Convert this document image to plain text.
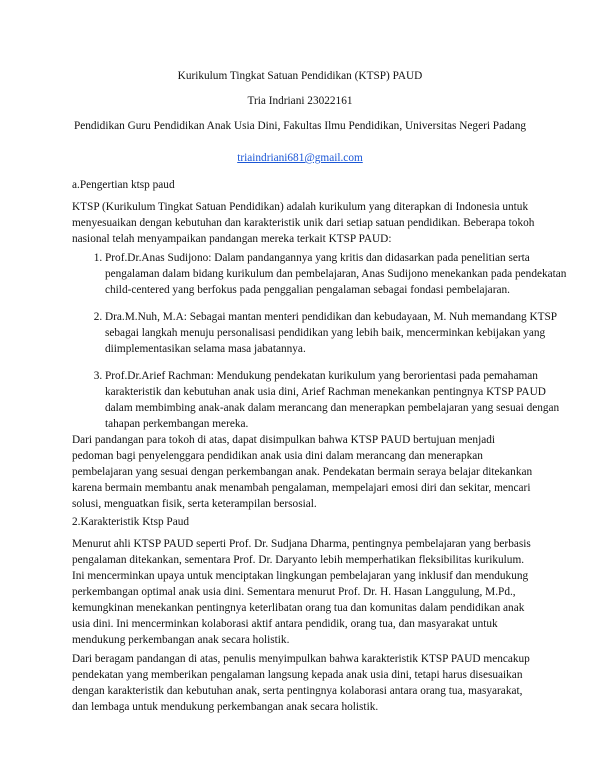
Kurikulum Tingkat Satuan Pendidikan (KTSP) PAUD
Tria Indriani 23022161
Pendidikan Guru Pendidikan Anak Usia Dini, Fakultas Ilmu Pendidikan, Universitas Negeri Padang
triaindriani681@gmail.com

a.Pengertian ktsp paud

KTSP (Kurikulum Tingkat Satuan Pendidikan) adalah kurikulum yang diterapkan di Indonesia untuk menyesuaikan dengan kebutuhan dan karakteristik unik dari setiap satuan pendidikan. Beberapa tokoh nasional telah menyampaikan pandangan mereka terkait KTSP PAUD:

1. Prof.Dr.Anas Sudijono: Dalam pandangannya yang kritis dan didasarkan pada penelitian serta pengalaman dalam bidang kurikulum dan pembelajaran, Anas Sudijono menekankan pada pendekatan child-centered yang berfokus pada penggalian pengalaman sebagai fondasi pembelajaran.
2. Dra.M.Nuh, M.A: Sebagai mantan menteri pendidikan dan kebudayaan, M. Nuh memandang KTSP sebagai langkah menuju personalisasi pendidikan yang lebih baik, mencerminkan kebijakan yang diimplementasikan selama masa jabatannya.
3. Prof.Dr.Arief Rachman: Mendukung pendekatan kurikulum yang berorientasi pada pemahaman karakteristik dan kebutuhan anak usia dini, Arief Rachman menekankan pentingnya KTSP PAUD dalam membimbing anak-anak dalam merancang dan menerapkan pembelajaran yang sesuai dengan tahapan perkembangan mereka.

Dari pandangan para tokoh di atas, dapat disimpulkan bahwa KTSP PAUD bertujuan menjadi pedoman bagi penyelenggara pendidikan anak usia dini dalam merancang dan menerapkan pembelajaran yang sesuai dengan perkembangan anak. Pendekatan bermain seraya belajar ditekankan karena bermain membantu anak menambah pengalaman, mempelajari emosi diri dan sekitar, mencari solusi, menguatkan fisik, serta keterampilan bersosial.

2.Karakteristik Ktsp Paud

Menurut ahli KTSP PAUD seperti Prof. Dr. Sudjana Dharma, pentingnya pembelajaran yang berbasis pengalaman ditekankan, sementara Prof. Dr. Daryanto lebih memperhatikan fleksibilitas kurikulum. Ini mencerminkan upaya untuk menciptakan lingkungan pembelajaran yang inklusif dan mendukung perkembangan optimal anak usia dini. Sementara menurut Prof. Dr. H. Hasan Langgulung, M.Pd., kemungkinan menekankan pentingnya keterlibatan orang tua dan komunitas dalam pendidikan anak usia dini. Ini mencerminkan kolaborasi aktif antara pendidik, orang tua, dan masyarakat untuk mendukung perkembangan anak secara holistik.

Dari beragam pandangan di atas, penulis menyimpulkan bahwa karakteristik KTSP PAUD mencakup pendekatan yang memberikan pengalaman langsung kepada anak usia dini, tetapi harus disesuaikan dengan karakteristik dan kebutuhan anak, serta pentingnya kolaborasi antara orang tua, masyarakat, dan lembaga untuk mendukung perkembangan anak secara holistik.
